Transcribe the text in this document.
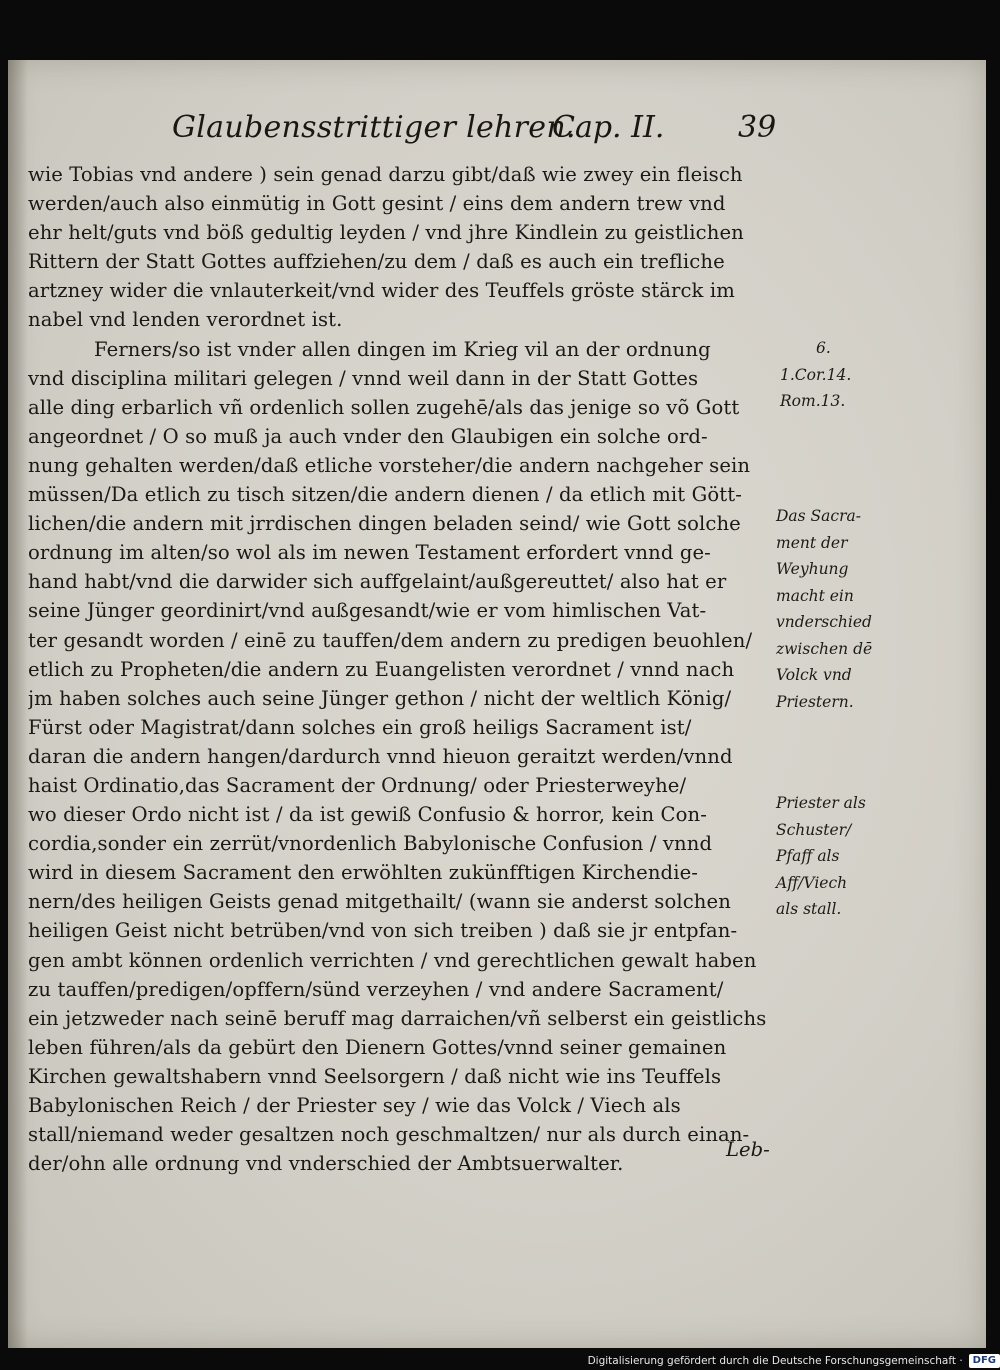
Glaubensstrittiger lehren.
Cap. II. 39
wie Tobias vnd andere ) sein genad darzu gibt/daß wie zwey ein fleisch
werden/auch also einmütig in Gott gesint / eins dem andern trew vnd
ehr helt/guts vnd böß gedultig leyden / vnd jhre Kindlein zu geistlichen
Rittern der Statt Gottes auffziehen/zu dem / daß es auch ein trefliche
artzney wider die vnlauterkeit/vnd wider des Teuffels gröste stärck im
nabel vnd lenden verordnet ist.
Ferners/so ist vnder allen dingen im Krieg vil an der ordnung
vnd disciplina militari gelegen / vnnd weil dann in der Statt Gottes
alle ding erbarlich vñ ordenlich sollen zugehē/als das jenige so võ Gott
angeordnet / O so muß ja auch vnder den Glaubigen ein solche ord-
nung gehalten werden/daß etliche vorsteher/die andern nachgeher sein
müssen/Da etlich zu tisch sitzen/die andern dienen / da etlich mit Gött-
lichen/die andern mit jrrdischen dingen beladen seind/ wie Gott solche
ordnung im alten/so wol als im newen Testament erfordert vnnd ge-
hand habt/vnd die darwider sich auffgelaint/außgereuttet/ also hat er
seine Jünger geordinirt/vnd außgesandt/wie er vom himlischen Vat-
ter gesandt worden / einē zu tauffen/dem andern zu predigen beuohlen/
etlich zu Propheten/die andern zu Euangelisten verordnet / vnnd nach
jm haben solches auch seine Jünger gethon / nicht der weltlich König/
Fürst oder Magistrat/dann solches ein groß heiligs Sacrament ist/
daran die andern hangen/dardurch vnnd hieuon geraitzt werden/vnnd
haist Ordinatio,das Sacrament der Ordnung/ oder Priesterweyhe/
wo dieser Ordo nicht ist / da ist gewiß Confusio & horror, kein Con-
cordia,sonder ein zerrüt/vnordenlich Babylonische Confusion / vnnd
wird in diesem Sacrament den erwöhlten zukünfftigen Kirchendie-
nern/des heiligen Geists genad mitgethailt/ (wann sie anderst solchen
heiligen Geist nicht betrüben/vnd von sich treiben ) daß sie jr entpfan-
gen ambt können ordenlich verrichten / vnd gerechtlichen gewalt haben
zu tauffen/predigen/opffern/sünd verzeyhen / vnd andere Sacrament/
ein jetzweder nach seinē beruff mag darraichen/vñ selberst ein geistlichs
leben führen/als da gebürt den Dienern Gottes/vnnd seiner gemainen
Kirchen gewaltshabern vnnd Seelsorgern / daß nicht wie ins Teuffels
Babylonischen Reich / der Priester sey / wie das Volck / Viech als
stall/niemand weder gesaltzen noch geschmaltzen/ nur als durch einan-
der/ohn alle ordnung vnd vnderschied der Ambtsuerwalter.
6.
1.Cor.14.
Rom.13.
Das Sacra-
ment der
Weyhung
macht ein
vnderschied
zwischen dē
Volck vnd
Priestern.
Priester als
Schuster/
Pfaff als
Aff/Viech
als stall.
Leb-
Digitalisierung gefördert durch die Deutsche Forschungsgemeinschaft ·	DFG
